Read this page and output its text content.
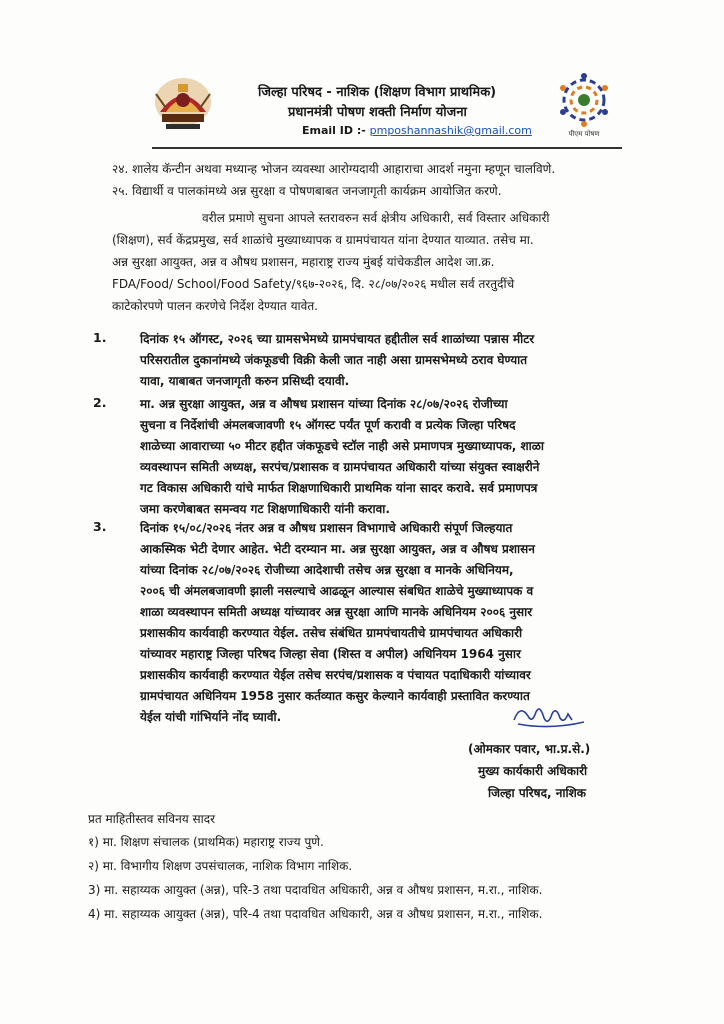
पीएम पोषण
जिल्हा परिषद - नाशिक (शिक्षण विभाग प्राथमिक)
प्रधानमंत्री पोषण शक्ती निर्माण योजना
Email ID :- pmposhannashik@gmail.com
२४. शालेय कॅन्टीन अथवा मध्यान्ह भोजन व्यवस्था आरोग्यदायी आहाराचा आदर्श नमुना म्हणून चालविणे.
२५. विद्यार्थी व पालकांमध्ये अन्न सुरक्षा व पोषणबाबत जनजागृती कार्यक्रम आयोजित करणे.
वरील प्रमाणे सुचना आपले स्तरावरुन सर्व क्षेत्रीय अधिकारी, सर्व विस्तार अधिकारी
(शिक्षण), सर्व केंद्रप्रमुख, सर्व शाळांचे मुख्याध्यापक व ग्रामपंचायत यांना देण्यात याव्यात. तसेच मा.
अन्न सुरक्षा आयुक्त, अन्न व औषध प्रशासन, महाराष्ट्र राज्य मुंबई यांचेकडील आदेश जा.क्र.
FDA/Food/ School/Food Safety/९६७-२०२६, दि. २८/०७/२०२६ मधील सर्व तरतुदींचे
काटेकोरपणे पालन करणेचे निर्देश देण्यात यावेत.
1.	दिनांक १५ ऑगस्ट, २०२६ च्या ग्रामसभेमध्ये ग्रामपंचायत हद्दीतील सर्व शाळांच्या पन्नास मीटर
परिसरातील दुकानांमध्ये जंकफूडची विक्री केली जात नाही असा ग्रामसभेमध्ये ठराव घेण्यात
यावा, याबाबत जनजागृती करुन प्रसिध्दी दयावी.
2.	मा. अन्न सुरक्षा आयुक्त, अन्न व औषध प्रशासन यांच्या दिनांक २८/०७/२०२६ रोजीच्या
सुचना व निर्देशांची अंमलबजावणी १५ ऑगस्ट पर्यंत पूर्ण करावी व प्रत्येक जिल्हा परिषद
शाळेच्या आवाराच्या ५० मीटर हद्दीत जंकफूडचे स्टॉल नाही असे प्रमाणपत्र मुख्याध्यापक, शाळा
व्यवस्थापन समिती अध्यक्ष, सरपंच/प्रशासक व ग्रामपंचायत अधिकारी यांच्या संयुक्त स्वाक्षरीने
गट विकास अधिकारी यांचे मार्फत शिक्षणाधिकारी प्राथमिक यांना सादर करावे. सर्व प्रमाणपत्र
जमा करणेबाबत समन्वय गट शिक्षणाधिकारी यांनी करावा.
3.	दिनांक १५/०८/२०२६ नंतर अन्न व औषध प्रशासन विभागाचे अधिकारी संपूर्ण जिल्हयात
आकस्मिक भेटी देणार आहेत. भेटी दरम्यान मा. अन्न सुरक्षा आयुक्त, अन्न व औषध प्रशासन
यांच्या दिनांक २८/०७/२०२६ रोजीच्या आदेशाची तसेच अन्न सुरक्षा व मानके अधिनियम,
२००६ ची अंमलबजावणी झाली नसल्याचे आढळून आल्यास संबधित शाळेचे मुख्याध्यापक व
शाळा व्यवस्थापन समिती अध्यक्ष यांच्यावर अन्न सुरक्षा आणि मानके अधिनियम २००६ नुसार
प्रशासकीय कार्यवाही करण्यात येईल. तसेच संबंधित ग्रामपंचायतीचे ग्रामपंचायत अधिकारी
यांच्यावर महाराष्ट्र जिल्हा परिषद जिल्हा सेवा (शिस्त व अपील) अधिनियम 1964 नुसार
प्रशासकीय कार्यवाही करण्यात येईल तसेच सरपंच/प्रशासक व पंचायत पदाधिकारी यांच्यावर
ग्रामपंचायत अधिनियम 1958 नुसार कर्तव्यात कसुर केल्याने कार्यवाही प्रस्तावित करण्यात
येईल यांची गांभिर्याने नोंद घ्यावी.
(ओमकार पवार, भा.प्र.से.)
मुख्य कार्यकारी अधिकारी
जिल्हा परिषद, नाशिक
प्रत माहितीस्तव सविनय सादर
१) मा. शिक्षण संचालक (प्राथमिक) महाराष्ट्र राज्य पुणे.
२) मा. विभागीय शिक्षण उपसंचालक, नाशिक विभाग नाशिक.
3) मा. सहाय्यक आयुक्त (अन्न), परि-3 तथा पदावधित अधिकारी, अन्न व औषध प्रशासन, म.रा., नाशिक.
4) मा. सहाय्यक आयुक्त (अन्न), परि-4 तथा पदावधित अधिकारी, अन्न व औषध प्रशासन, म.रा., नाशिक.
